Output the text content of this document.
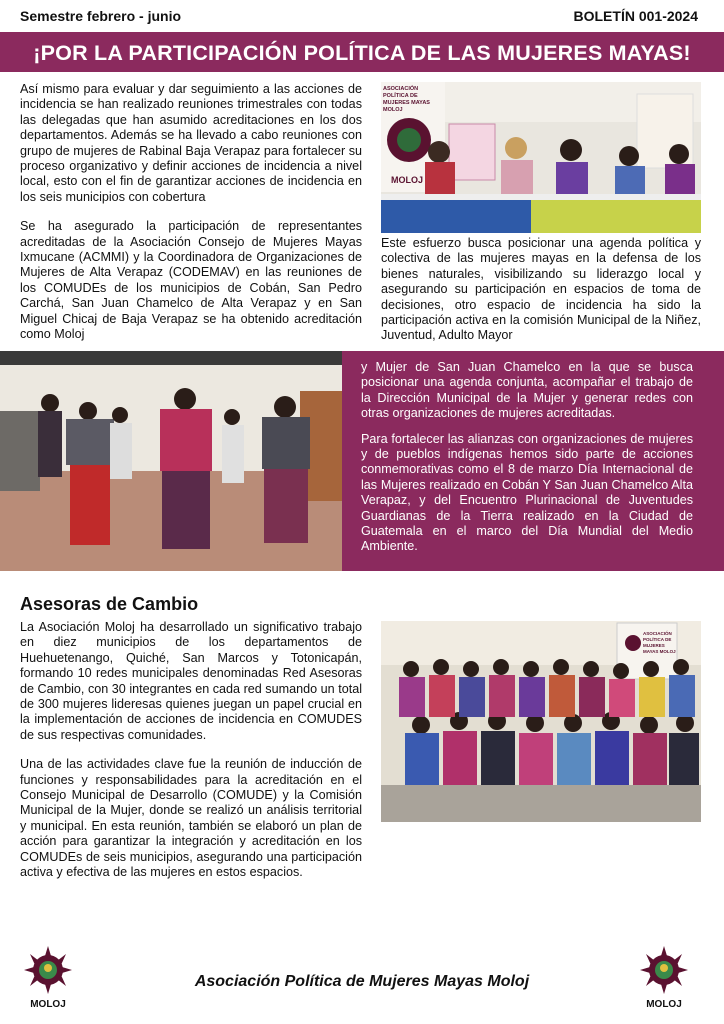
Semestre febrero - junio	BOLETÍN 001-2024
¡POR LA PARTICIPACIÓN POLÍTICA DE LAS MUJERES MAYAS!

Así mismo para evaluar y dar seguimiento a las acciones de incidencia se han realizado reuniones trimestrales con todas las delegadas que han asumido acreditaciones en los dos departamentos. Además se ha llevado a cabo reuniones con grupo de mujeres de Rabinal Baja Verapaz para fortalecer su proceso organizativo y definir acciones de incidencia a nivel local, esto con el fin de garantizar acciones de incidencia en los seis municipios con cobertura

Se ha asegurado la participación de representantes acreditadas de la Asociación Consejo de Mujeres Mayas Ixmucane (ACMMI) y la Coordinadora de Organizaciones de Mujeres de Alta Verapaz (CODEMAV) en las reuniones de los COMUDEs de los municipios de Cobán, San Pedro Carchá, San Juan Chamelco de Alta Verapaz y en San Miguel Chicaj de Baja Verapaz se ha obtenido acreditación como Moloj

ASOCIACIÓN POLÍTICA DE MUJERES MAYAS MOLOJ
MOLOJ

Este esfuerzo busca posicionar una agenda política y colectiva de las mujeres mayas en la defensa de los bienes naturales, visibilizando su liderazgo local y asegurando su participación en espacios de toma de decisiones, otro espacio de incidencia ha sido la participación activa en la comisión Municipal de la Niñez, Juventud, Adulto Mayor

y Mujer de San Juan Chamelco en la que se busca posicionar una agenda conjunta, acompañar el trabajo de la Dirección Municipal de la Mujer y generar redes con otras organizaciones de mujeres acreditadas.

Para fortalecer las alianzas con organizaciones de mujeres y de pueblos indígenas hemos sido parte de acciones conmemorativas como el 8 de marzo Día Internacional de las Mujeres realizado en Cobán Y San Juan Chamelco Alta Verapaz, y del Encuentro Plurinacional de Juventudes Guardianas de la Tierra realizado en la Ciudad de Guatemala en el marco del Día Mundial del Medio Ambiente.

Asesoras de Cambio

La Asociación Moloj ha desarrollado un significativo trabajo en diez municipios de los departamentos de Huehuetenango, Quiché, San Marcos y Totonicapán, formando 10 redes municipales denominadas Red Asesoras de Cambio, con 30 integrantes en cada red sumando un total de 300 mujeres lideresas quienes juegan un papel crucial en la implementación de acciones de incidencia en COMUDES de sus respectivas comunidades.

Una de las actividades clave fue la reunión de inducción de funciones y responsabilidades para la acreditación en el Consejo Municipal de Desarrollo (COMUDE) y la Comisión Municipal de la Mujer, donde se realizó un análisis territorial y municipal. En esta reunión, también se elaboró un plan de acción para garantizar la integración y acreditación en los COMUDEs de seis municipios, asegurando una participación activa y efectiva de las mujeres en estos espacios.

ASOCIACIÓN POLÍTICA DE MUJERES MAYAS MOLOJ
MOLOJ
Asociación Política de Mujeres Mayas Moloj
MOLOJ
